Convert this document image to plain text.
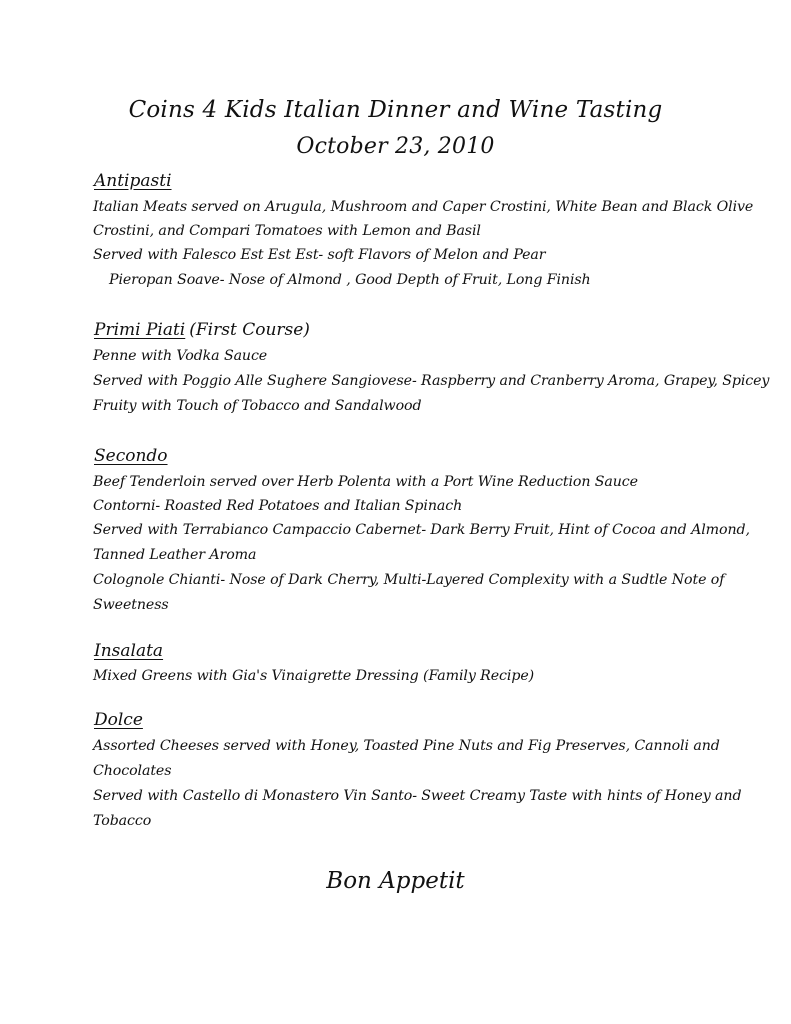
Coins 4 Kids Italian Dinner and Wine Tasting
October 23, 2010
Antipasti
Italian Meats served on Arugula, Mushroom and Caper Crostini, White Bean and Black Olive
Crostini, and Compari Tomatoes with Lemon and Basil
Served with Falesco Est Est Est- soft Flavors of Melon and Pear
Pieropan Soave- Nose of Almond , Good Depth of Fruit, Long Finish
Primi Piati (First Course)
Penne with Vodka Sauce
Served with Poggio Alle Sughere Sangiovese- Raspberry and Cranberry Aroma, Grapey, Spicey
Fruity with Touch of Tobacco and Sandalwood
Secondo
Beef Tenderloin served over Herb Polenta with a Port Wine Reduction Sauce
Contorni- Roasted Red Potatoes and Italian Spinach
Served with Terrabianco Campaccio Cabernet- Dark Berry Fruit, Hint of Cocoa and Almond,
Tanned Leather Aroma
Colognole Chianti- Nose of Dark Cherry, Multi-Layered Complexity with a Sudtle Note of
Sweetness
Insalata
Mixed Greens with Gia's Vinaigrette Dressing (Family Recipe)
Dolce
Assorted Cheeses served with Honey, Toasted Pine Nuts and Fig Preserves, Cannoli and
Chocolates
Served with Castello di Monastero Vin Santo- Sweet Creamy Taste with hints of Honey and
Tobacco
Bon Appetit
